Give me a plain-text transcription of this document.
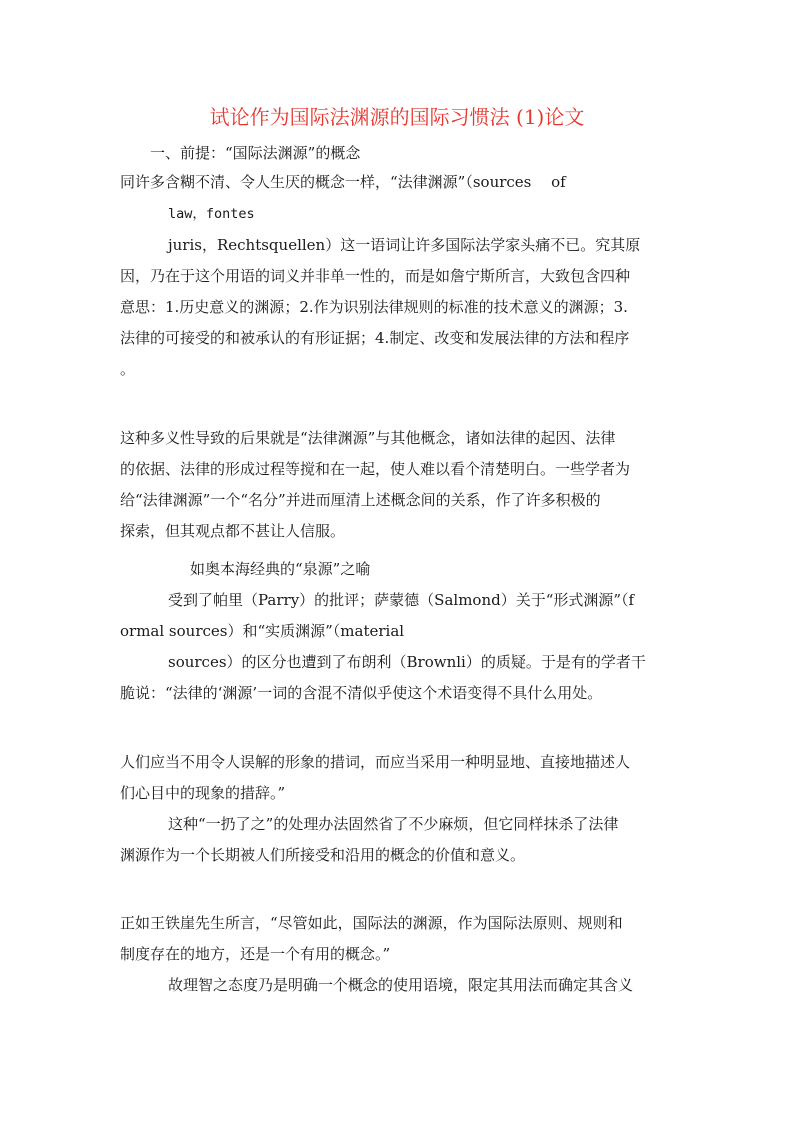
试论作为国际法渊源的国际习惯法 (1)论文
一、前提：“国际法渊源”的概念
同许多含糊不清、令人生厌的概念一样，“法律渊源”（sources　 of
law，fontes
juris，Rechtsquellen）这一语词让许多国际法学家头痛不已。究其原
因，乃在于这个用语的词义并非单一性的，而是如詹宁斯所言，大致包含四种
意思：1.历史意义的渊源；2.作为识别法律规则的标准的技术意义的渊源；3.
法律的可接受的和被承认的有形证据；4.制定、改变和发展法律的方法和程序
。
这种多义性导致的后果就是“法律渊源”与其他概念，诸如法律的起因、法律
的依据、法律的形成过程等搅和在一起，使人难以看个清楚明白。一些学者为
给“法律渊源”一个“名分”并进而厘清上述概念间的关系，作了许多积极的
探索，但其观点都不甚让人信服。
如奥本海经典的“泉源”之喻
受到了帕里（Parry）的批评；萨蒙德（Salmond）关于“形式渊源”（f
ormal sources）和“实质渊源”（material
sources）的区分也遭到了布朗利（Brownli）的质疑。于是有的学者干
脆说：“法律的‘渊源’一词的含混不清似乎使这个术语变得不具什么用处。
人们应当不用令人误解的形象的措词，而应当采用一种明显地、直接地描述人
们心目中的现象的措辞。”
这种“一扔了之”的处理办法固然省了不少麻烦，但它同样抹杀了法律
渊源作为一个长期被人们所接受和沿用的概念的价值和意义。
正如王铁崖先生所言，“尽管如此，国际法的渊源，作为国际法原则、规则和
制度存在的地方，还是一个有用的概念。”
故理智之态度乃是明确一个概念的使用语境，限定其用法而确定其含义
